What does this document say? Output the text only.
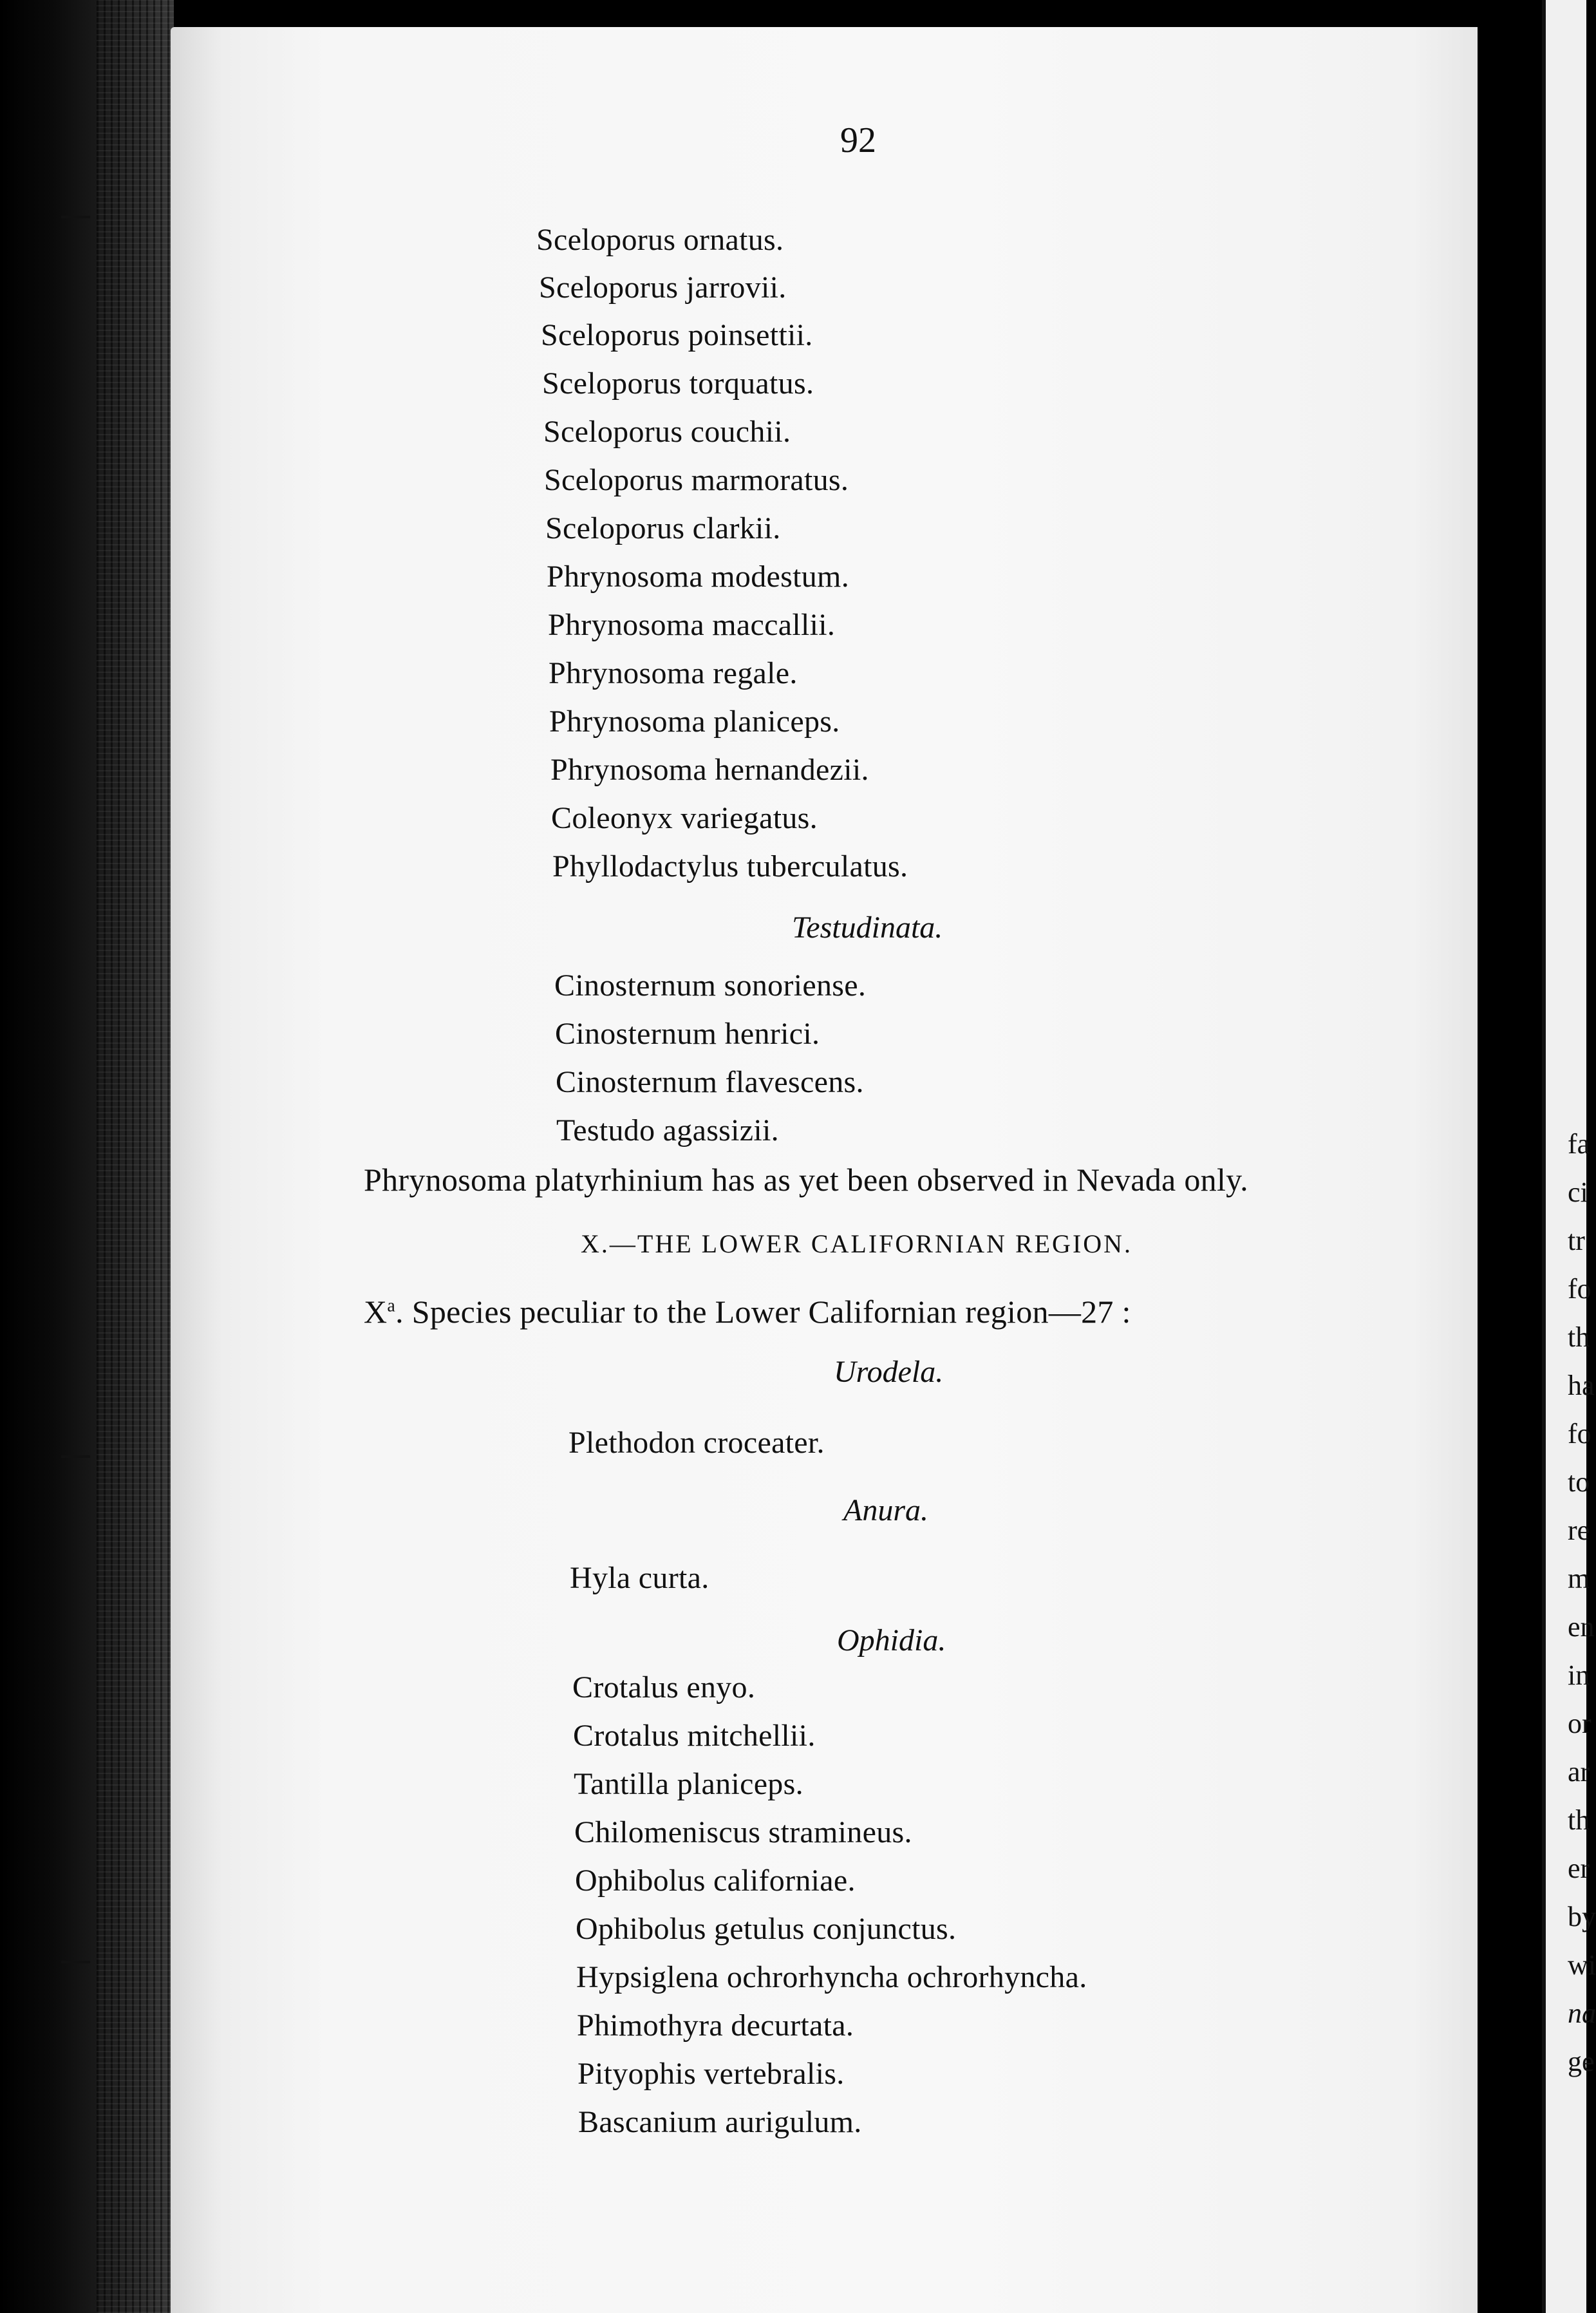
92
Sceloporus ornatus.
Sceloporus jarrovii.
Sceloporus poinsettii.
Sceloporus torquatus.
Sceloporus couchii.
Sceloporus marmoratus.
Sceloporus clarkii.
Phrynosoma modestum.
Phrynosoma maccallii.
Phrynosoma regale.
Phrynosoma planiceps.
Phrynosoma hernandezii.
Coleonyx variegatus.
Phyllodactylus tuberculatus.
Testudinata.
Cinosternum sonoriense.
Cinosternum henrici.
Cinosternum flavescens.
Testudo agassizii.
Phrynosoma platyrhinium has as yet been observed in Nevada only.
X.—THE LOWER CALIFORNIAN REGION.
$X^a$. Species peculiar to the Lower Californian region—27 :
Urodela.
Plethodon croceater.
Anura.
Hyla curta.
Ophidia.
Crotalus enyo.
Crotalus mitchellii.
Tantilla planiceps.
Chilomeniscus stramineus.
Ophibolus californiae.
Ophibolus getulus conjunctus.
Hypsiglena ochrorhyncha ochrorhyncha.
Phimothyra decurtata.
Pityophis vertebralis.
Bascanium aurigulum.
fa
ci
tr
fo
th
ha
fo
to
re
m
en
in
or
ar
th
er
by
wi
na
ge
